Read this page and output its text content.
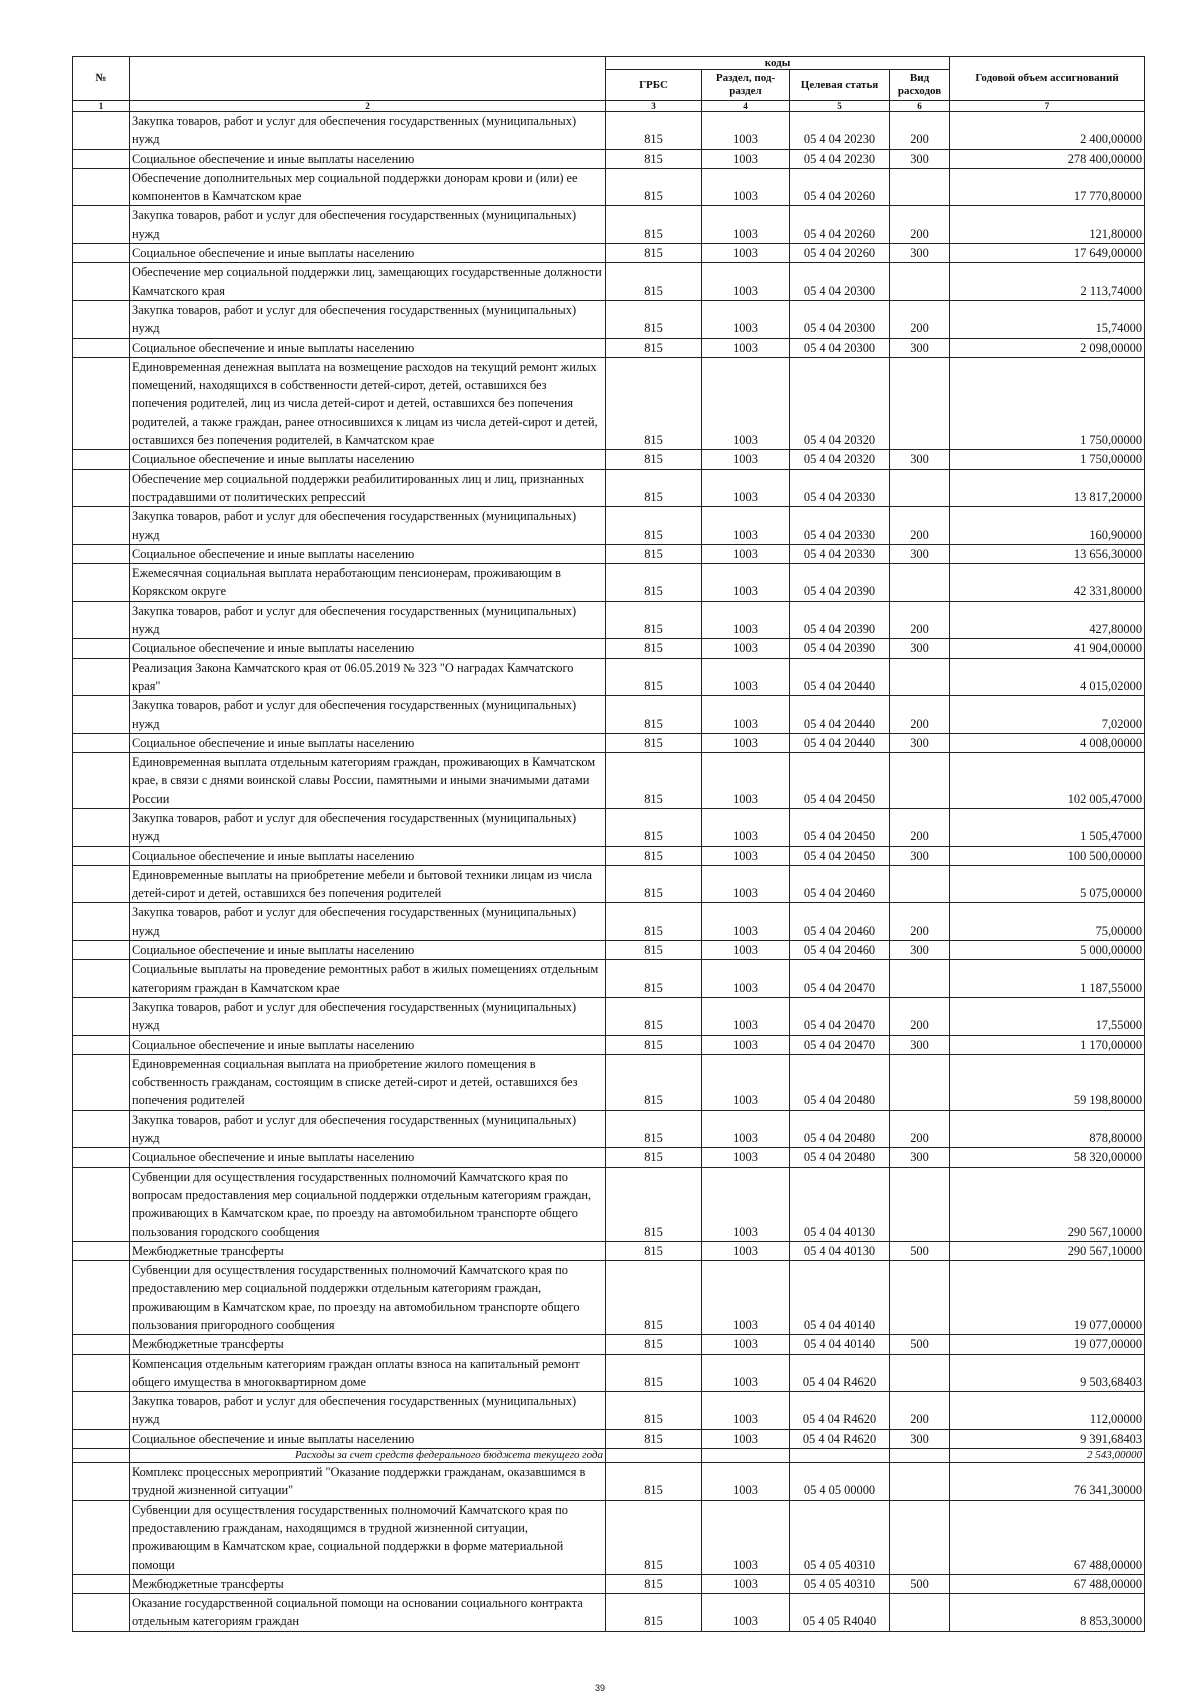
№		коды				Годовой объем ассигнований
		ГРБС	Раздел, под-раздел	Целевая статья	Вид расходов	
1	2	3	4	5	6	7
	Закупка товаров, работ и услуг для обеспечения государственных (муниципальных) нужд	815	1003	05 4 04 20230	200	2 400,00000
	Социальное обеспечение и иные выплаты населению	815	1003	05 4 04 20230	300	278 400,00000
	Обеспечение дополнительных мер социальной поддержки донорам крови и (или) ее компонентов в Камчатском крае	815	1003	05 4 04 20260		17 770,80000
	Закупка товаров, работ и услуг для обеспечения государственных (муниципальных) нужд	815	1003	05 4 04 20260	200	121,80000
	Социальное обеспечение и иные выплаты населению	815	1003	05 4 04 20260	300	17 649,00000
	Обеспечение мер социальной поддержки лиц, замещающих государственные должности Камчатского края	815	1003	05 4 04 20300		2 113,74000
	Закупка товаров, работ и услуг для обеспечения государственных (муниципальных) нужд	815	1003	05 4 04 20300	200	15,74000
	Социальное обеспечение и иные выплаты населению	815	1003	05 4 04 20300	300	2 098,00000
	Единовременная денежная выплата на возмещение расходов на текущий ремонт жилых помещений, находящихся в собственности детей-сирот, детей, оставшихся без попечения родителей, лиц из числа детей-сирот и детей, оставшихся без попечения родителей, а также граждан, ранее относившихся к лицам из числа детей-сирот и детей, оставшихся без попечения родителей, в Камчатском крае	815	1003	05 4 04 20320		1 750,00000
	Социальное обеспечение и иные выплаты населению	815	1003	05 4 04 20320	300	1 750,00000
	Обеспечение мер социальной поддержки реабилитированных лиц и лиц, признанных пострадавшими от политических репрессий	815	1003	05 4 04 20330		13 817,20000
	Закупка товаров, работ и услуг для обеспечения государственных (муниципальных) нужд	815	1003	05 4 04 20330	200	160,90000
	Социальное обеспечение и иные выплаты населению	815	1003	05 4 04 20330	300	13 656,30000
	Ежемесячная социальная выплата неработающим пенсионерам, проживающим в Корякском округе	815	1003	05 4 04 20390		42 331,80000
	Закупка товаров, работ и услуг для обеспечения государственных (муниципальных) нужд	815	1003	05 4 04 20390	200	427,80000
	Социальное обеспечение и иные выплаты населению	815	1003	05 4 04 20390	300	41 904,00000
	Реализация Закона Камчатского края от 06.05.2019 № 323 "О наградах Камчатского края"	815	1003	05 4 04 20440		4 015,02000
	Закупка товаров, работ и услуг для обеспечения государственных (муниципальных) нужд	815	1003	05 4 04 20440	200	7,02000
	Социальное обеспечение и иные выплаты населению	815	1003	05 4 04 20440	300	4 008,00000
	Единовременная выплата отдельным категориям граждан, проживающих в Камчатском крае, в связи с днями воинской славы России, памятными и иными значимыми датами России	815	1003	05 4 04 20450		102 005,47000
	Закупка товаров, работ и услуг для обеспечения государственных (муниципальных) нужд	815	1003	05 4 04 20450	200	1 505,47000
	Социальное обеспечение и иные выплаты населению	815	1003	05 4 04 20450	300	100 500,00000
	Единовременные выплаты на приобретение мебели и бытовой техники лицам из числа детей-сирот и детей, оставшихся без попечения родителей	815	1003	05 4 04 20460		5 075,00000
	Закупка товаров, работ и услуг для обеспечения государственных (муниципальных) нужд	815	1003	05 4 04 20460	200	75,00000
	Социальное обеспечение и иные выплаты населению	815	1003	05 4 04 20460	300	5 000,00000
	Социальные выплаты на проведение ремонтных работ в жилых помещениях отдельным категориям граждан в Камчатском крае	815	1003	05 4 04 20470		1 187,55000
	Закупка товаров, работ и услуг для обеспечения государственных (муниципальных) нужд	815	1003	05 4 04 20470	200	17,55000
	Социальное обеспечение и иные выплаты населению	815	1003	05 4 04 20470	300	1 170,00000
	Единовременная социальная выплата на приобретение жилого помещения в собственность гражданам, состоящим в списке детей-сирот и детей, оставшихся без попечения родителей	815	1003	05 4 04 20480		59 198,80000
	Закупка товаров, работ и услуг для обеспечения государственных (муниципальных) нужд	815	1003	05 4 04 20480	200	878,80000
	Социальное обеспечение и иные выплаты населению	815	1003	05 4 04 20480	300	58 320,00000
	Субвенции для осуществления государственных полномочий Камчатского края по вопросам предоставления мер социальной поддержки отдельным категориям граждан, проживающих в Камчатском крае, по проезду на автомобильном транспорте общего пользования городского сообщения	815	1003	05 4 04 40130		290 567,10000
	Межбюджетные трансферты	815	1003	05 4 04 40130	500	290 567,10000
	Субвенции для осуществления государственных полномочий Камчатского края по предоставлению мер социальной поддержки отдельным категориям граждан, проживающим в Камчатском крае, по проезду на автомобильном транспорте общего пользования пригородного сообщения	815	1003	05 4 04 40140		19 077,00000
	Межбюджетные трансферты	815	1003	05 4 04 40140	500	19 077,00000
	Компенсация отдельным категориям граждан оплаты взноса на капитальный ремонт общего имущества в многоквартирном доме	815	1003	05 4 04 R4620		9 503,68403
	Закупка товаров, работ и услуг для обеспечения государственных (муниципальных) нужд	815	1003	05 4 04 R4620	200	112,00000
	Социальное обеспечение и иные выплаты населению	815	1003	05 4 04 R4620	300	9 391,68403
	Расходы за счет средств федерального бюджета текущего года					2 543,00000
	Комплекс процессных мероприятий "Оказание поддержки гражданам, оказавшимся в трудной жизненной ситуации"	815	1003	05 4 05 00000		76 341,30000
	Субвенции для осуществления государственных полномочий Камчатского края по предоставлению гражданам, находящимся в трудной жизненной ситуации, проживающим в Камчатском крае, социальной поддержки в форме материальной помощи	815	1003	05 4 05 40310		67 488,00000
	Межбюджетные трансферты	815	1003	05 4 05 40310	500	67 488,00000
	Оказание государственной социальной помощи на основании социального контракта отдельным категориям граждан	815	1003	05 4 05 R4040		8 853,30000
39
